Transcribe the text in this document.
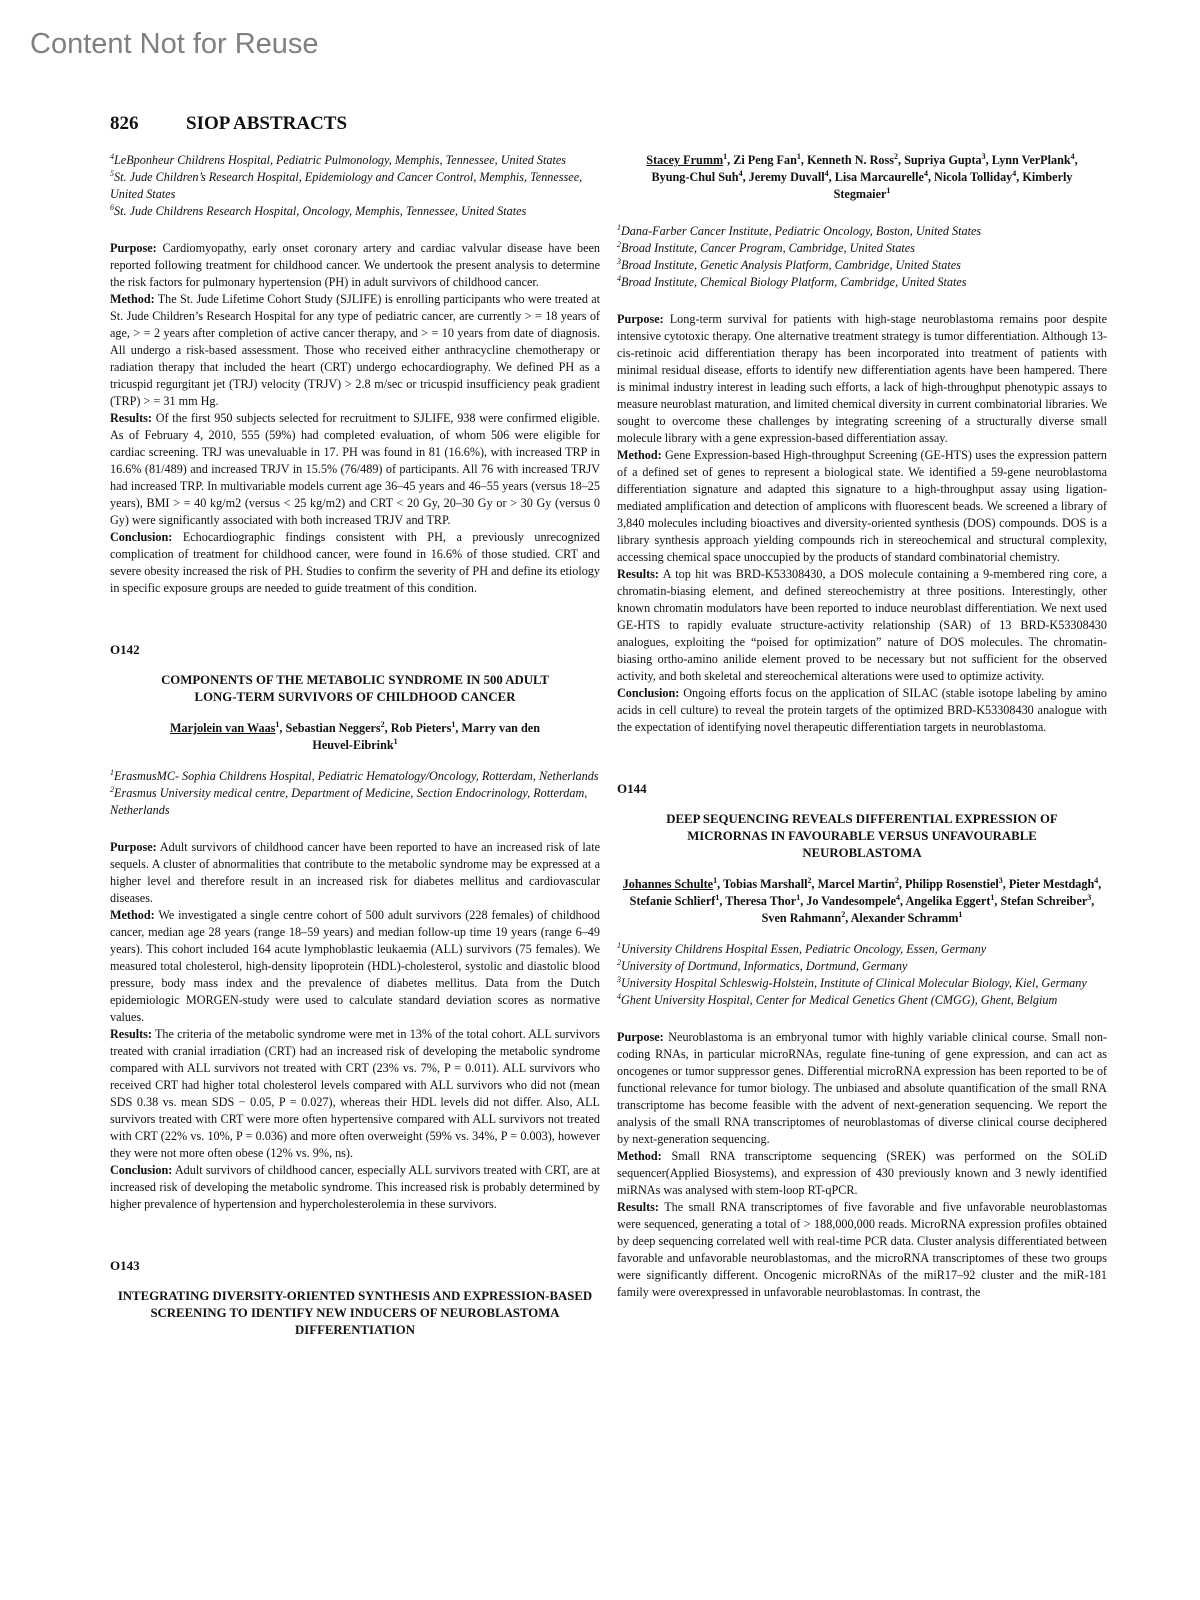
Content Not for Reuse
826	SIOP ABSTRACTS

$^4$LeBponheur Childrens Hospital, Pediatric Pulmonology, Memphis, Tennessee, United States

$^5$St. Jude Children’s Research Hospital, Epidemiology and Cancer Control, Memphis, Tennessee, United States

$^6$St. Jude Childrens Research Hospital, Oncology, Memphis, Tennessee, United States

Purpose: Cardiomyopathy, early onset coronary artery and cardiac valvular disease have been reported following treatment for childhood cancer. We undertook the present analysis to determine the risk factors for pulmonary hypertension (PH) in adult survivors of childhood cancer.

Method: The St. Jude Lifetime Cohort Study (SJLIFE) is enrolling participants who were treated at St. Jude Children’s Research Hospital for any type of pediatric cancer, are currently > = 18 years of age, > = 2 years after completion of active cancer therapy, and > = 10 years from date of diagnosis. All undergo a risk-based assessment. Those who received either anthracycline chemotherapy or radiation therapy that included the heart (CRT) undergo echocardiography. We defined PH as a tricuspid regurgitant jet (TRJ) velocity (TRJV) > 2.8 m/sec or tricuspid insufficiency peak gradient (TRP) > = 31 mm Hg.

Results: Of the first 950 subjects selected for recruitment to SJLIFE, 938 were confirmed eligible. As of February 4, 2010, 555 (59%) had completed evaluation, of whom 506 were eligible for cardiac screening. TRJ was unevaluable in 17. PH was found in 81 (16.6%), with increased TRP in 16.6% (81/489) and increased TRJV in 15.5% (76/489) of participants. All 76 with increased TRJV had increased TRP. In multivariable models current age 36–45 years and 46–55 years (versus 18–25 years), BMI > = 40 kg/m2 (versus < 25 kg/m2) and CRT < 20 Gy, 20–30 Gy or > 30 Gy (versus 0 Gy) were significantly associated with both increased TRJV and TRP.

Conclusion: Echocardiographic findings consistent with PH, a previously unrecognized complication of treatment for childhood cancer, were found in 16.6% of those studied. CRT and severe obesity increased the risk of PH. Studies to confirm the severity of PH and define its etiology in specific exposure groups are needed to guide treatment of this condition.

O142

COMPONENTS OF THE METABOLIC SYNDROME IN 500 ADULT LONG-TERM SURVIVORS OF CHILDHOOD CANCER

Marjolein van Waas$^1$, Sebastian Neggers$^2$, Rob Pieters$^1$, Marry van den Heuvel-Eibrink$^1$

$^1$ErasmusMC- Sophia Childrens Hospital, Pediatric Hematology/Oncology, Rotterdam, Netherlands

$^2$Erasmus University medical centre, Department of Medicine, Section Endocrinology, Rotterdam, Netherlands

Purpose: Adult survivors of childhood cancer have been reported to have an increased risk of late sequels. A cluster of abnormalities that contribute to the metabolic syndrome may be expressed at a higher level and therefore result in an increased risk for diabetes mellitus and cardiovascular diseases.

Method: We investigated a single centre cohort of 500 adult survivors (228 females) of childhood cancer, median age 28 years (range 18–59 years) and median follow-up time 19 years (range 6–49 years). This cohort included 164 acute lymphoblastic leukaemia (ALL) survivors (75 females). We measured total cholesterol, high-density lipoprotein (HDL)-cholesterol, systolic and diastolic blood pressure, body mass index and the prevalence of diabetes mellitus. Data from the Dutch epidemiologic MORGEN-study were used to calculate standard deviation scores as normative values.

Results: The criteria of the metabolic syndrome were met in 13% of the total cohort. ALL survivors treated with cranial irradiation (CRT) had an increased risk of developing the metabolic syndrome compared with ALL survivors not treated with CRT (23% vs. 7%, P = 0.011). ALL survivors who received CRT had higher total cholesterol levels compared with ALL survivors who did not (mean SDS 0.38 vs. mean SDS − 0.05, P = 0.027), whereas their HDL levels did not differ. Also, ALL survivors treated with CRT were more often hypertensive compared with ALL survivors not treated with CRT (22% vs. 10%, P = 0.036) and more often overweight (59% vs. 34%, P = 0.003), however they were not more often obese (12% vs. 9%, ns).

Conclusion: Adult survivors of childhood cancer, especially ALL survivors treated with CRT, are at increased risk of developing the metabolic syndrome. This increased risk is probably determined by higher prevalence of hypertension and hypercholesterolemia in these survivors.

O143

INTEGRATING DIVERSITY-ORIENTED SYNTHESIS AND EXPRESSION-BASED SCREENING TO IDENTIFY NEW INDUCERS OF NEUROBLASTOMA DIFFERENTIATION

Stacey Frumm$^1$, Zi Peng Fan$^1$, Kenneth N. Ross$^2$, Supriya Gupta$^3$, Lynn VerPlank$^4$, Byung-Chul Suh$^4$, Jeremy Duvall$^4$, Lisa Marcaurelle$^4$, Nicola Tolliday$^4$, Kimberly Stegmaier$^1$

$^1$Dana-Farber Cancer Institute, Pediatric Oncology, Boston, United States

$^2$Broad Institute, Cancer Program, Cambridge, United States

$^3$Broad Institute, Genetic Analysis Platform, Cambridge, United States

$^4$Broad Institute, Chemical Biology Platform, Cambridge, United States

Purpose: Long-term survival for patients with high-stage neuroblastoma remains poor despite intensive cytotoxic therapy. One alternative treatment strategy is tumor differentiation. Although 13-cis-retinoic acid differentiation therapy has been incorporated into treatment of patients with minimal residual disease, efforts to identify new differentiation agents have been hampered. There is minimal industry interest in leading such efforts, a lack of high-throughput phenotypic assays to measure neuroblast maturation, and limited chemical diversity in current combinatorial libraries. We sought to overcome these challenges by integrating screening of a structurally diverse small molecule library with a gene expression-based differentiation assay.

Method: Gene Expression-based High-throughput Screening (GE-HTS) uses the expression pattern of a defined set of genes to represent a biological state. We identified a 59-gene neuroblastoma differentiation signature and adapted this signature to a high-throughput assay using ligation-mediated amplification and detection of amplicons with fluorescent beads. We screened a library of 3,840 molecules including bioactives and diversity-oriented synthesis (DOS) compounds. DOS is a library synthesis approach yielding compounds rich in stereochemical and structural complexity, accessing chemical space unoccupied by the products of standard combinatorial chemistry.

Results: A top hit was BRD-K53308430, a DOS molecule containing a 9-membered ring core, a chromatin-biasing element, and defined stereochemistry at three positions. Interestingly, other known chromatin modulators have been reported to induce neuroblast differentiation. We next used GE-HTS to rapidly evaluate structure-activity relationship (SAR) of 13 BRD-K53308430 analogues, exploiting the “poised for optimization” nature of DOS molecules. The chromatin-biasing ortho-amino anilide element proved to be necessary but not sufficient for the observed activity, and both skeletal and stereochemical alterations were used to optimize activity.

Conclusion: Ongoing efforts focus on the application of SILAC (stable isotope labeling by amino acids in cell culture) to reveal the protein targets of the optimized BRD-K53308430 analogue with the expectation of identifying novel therapeutic differentiation targets in neuroblastoma.

O144

DEEP SEQUENCING REVEALS DIFFERENTIAL EXPRESSION OF MICRORNAS IN FAVOURABLE VERSUS UNFAVOURABLE NEUROBLASTOMA

Johannes Schulte$^1$, Tobias Marshall$^2$, Marcel Martin$^2$, Philipp Rosenstiel$^3$, Pieter Mestdagh$^4$, Stefanie Schlierf$^1$, Theresa Thor$^1$, Jo Vandesompele$^4$, Angelika Eggert$^1$, Stefan Schreiber$^3$, Sven Rahmann$^2$, Alexander Schramm$^1$

$^1$University Childrens Hospital Essen, Pediatric Oncology, Essen, Germany

$^2$University of Dortmund, Informatics, Dortmund, Germany

$^3$University Hospital Schleswig-Holstein, Institute of Clinical Molecular Biology, Kiel, Germany

$^4$Ghent University Hospital, Center for Medical Genetics Ghent (CMGG), Ghent, Belgium

Purpose: Neuroblastoma is an embryonal tumor with highly variable clinical course. Small non-coding RNAs, in particular microRNAs, regulate fine-tuning of gene expression, and can act as oncogenes or tumor suppressor genes. Differential microRNA expression has been reported to be of functional relevance for tumor biology. The unbiased and absolute quantification of the small RNA transcriptome has become feasible with the advent of next-generation sequencing. We report the analysis of the small RNA transcriptomes of neuroblastomas of diverse clinical course deciphered by next-generation sequencing.

Method: Small RNA transcriptome sequencing (SREK) was performed on the SOLiD sequencer(Applied Biosystems), and expression of 430 previously known and 3 newly identified miRNAs was analysed with stem-loop RT-qPCR.

Results: The small RNA transcriptomes of five favorable and five unfavorable neuroblastomas were sequenced, generating a total of > 188,000,000 reads. MicroRNA expression profiles obtained by deep sequencing correlated well with real-time PCR data. Cluster analysis differentiated between favorable and unfavorable neuroblastomas, and the microRNA transcriptomes of these two groups were significantly different. Oncogenic microRNAs of the miR17–92 cluster and the miR-181 family were overexpressed in unfavorable neuroblastomas. In contrast, the
